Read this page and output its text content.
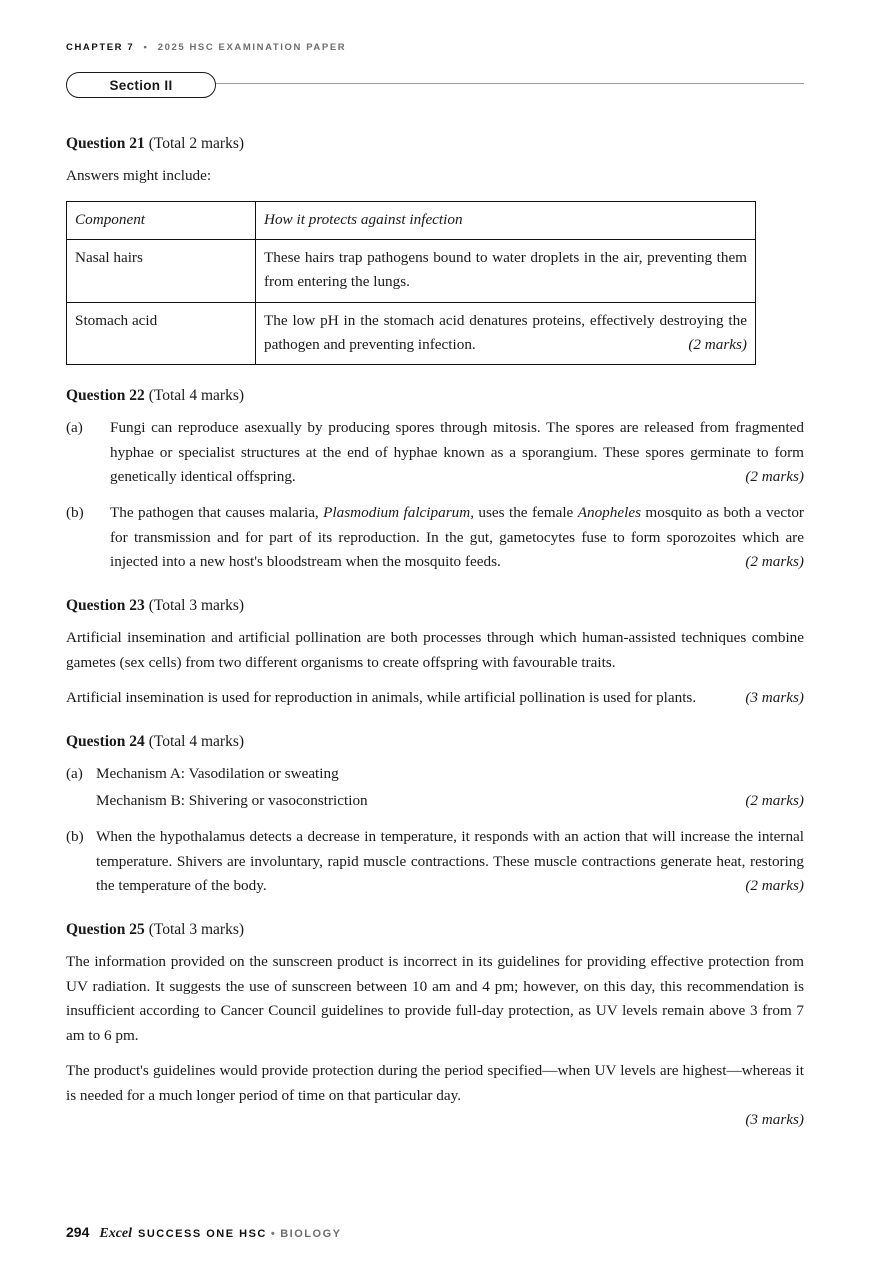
CHAPTER 7 • 2025 HSC EXAMINATION PAPER
Section II
Question 21 (Total 2 marks)
Answers might include:
Component	How it protects against infection
Nasal hairs	These hairs trap pathogens bound to water droplets in the air, preventing them from entering the lungs.
Stomach acid	The low pH in the stomach acid denatures proteins, effectively destroying the pathogen and preventing infection. (2 marks)
Question 22 (Total 4 marks)
(a)	Fungi can reproduce asexually by producing spores through mitosis. The spores are released from fragmented hyphae or specialist structures at the end of hyphae known as a sporangium. These spores germinate to form genetically identical offspring.	(2 marks)
(b)	The pathogen that causes malaria, Plasmodium falciparum, uses the female Anopheles mosquito as both a vector for transmission and for part of its reproduction. In the gut, gametocytes fuse to form sporozoites which are injected into a new host's bloodstream when the mosquito feeds.	(2 marks)
Question 23 (Total 3 marks)
Artificial insemination and artificial pollination are both processes through which human-assisted techniques combine gametes (sex cells) from two different organisms to create offspring with favourable traits.
Artificial insemination is used for reproduction in animals, while artificial pollination is used for plants.	(3 marks)
Question 24 (Total 4 marks)
(a) Mechanism A: Vasodilation or sweating
Mechanism B: Shivering or vasoconstriction	(2 marks)
(b) When the hypothalamus detects a decrease in temperature, it responds with an action that will increase the internal temperature. Shivers are involuntary, rapid muscle contractions. These muscle contractions generate heat, restoring the temperature of the body.	(2 marks)
Question 25 (Total 3 marks)
The information provided on the sunscreen product is incorrect in its guidelines for providing effective protection from UV radiation. It suggests the use of sunscreen between 10 am and 4 pm; however, on this day, this recommendation is insufficient according to Cancer Council guidelines to provide full-day protection, as UV levels remain above 3 from 7 am to 6 pm.
The product's guidelines would provide protection during the period specified—when UV levels are highest—whereas it is needed for a much longer period of time on that particular day.
(3 marks)
294 Excel SUCCESS ONE HSC • BIOLOGY
